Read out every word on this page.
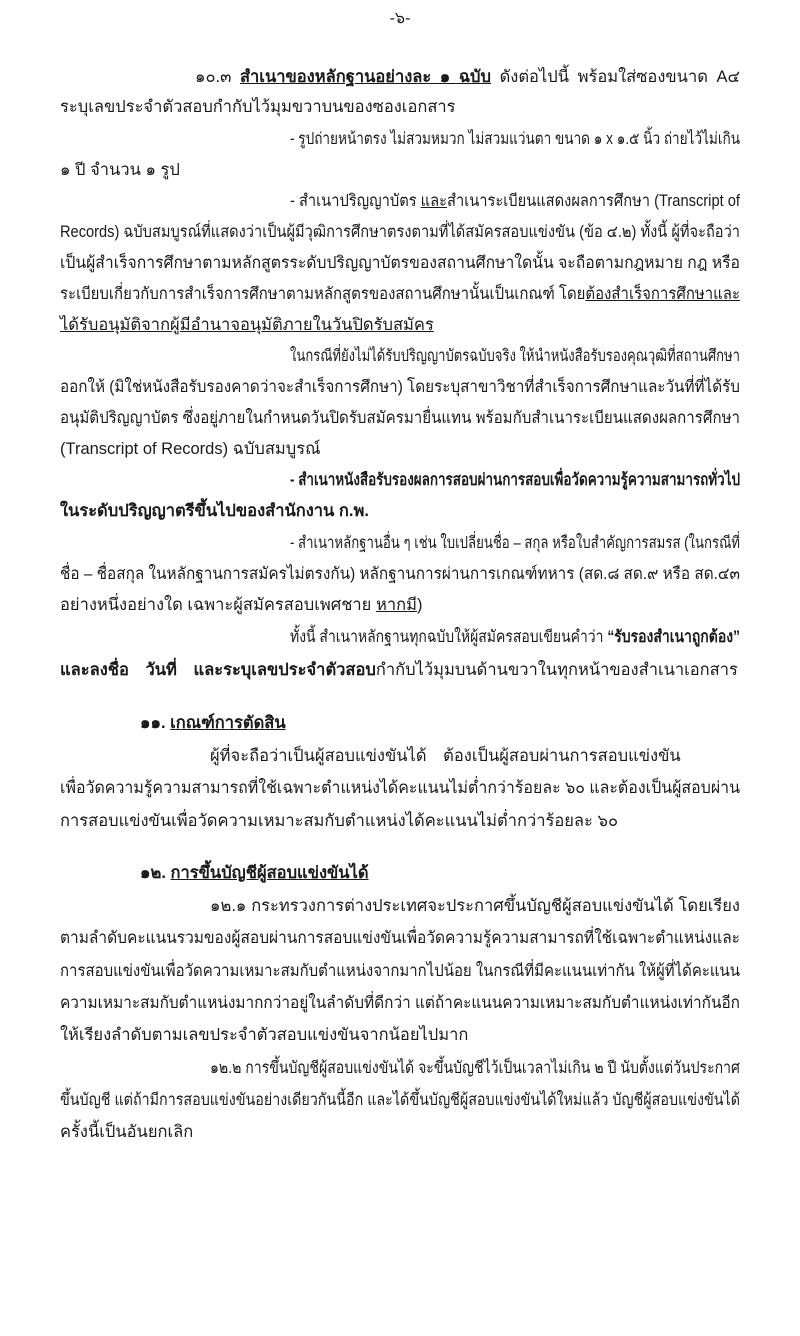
-๖-
๑๐.๓ สำเนาของหลักฐานอย่างละ ๑ ฉบับ ดังต่อไปนี้ พร้อมใส่ซองขนาด A๔
ระบุเลขประจำตัวสอบกำกับไว้มุมขวาบนของซองเอกสาร
- รูปถ่ายหน้าตรง ไม่สวมหมวก ไม่สวมแว่นตา ขนาด ๑ x ๑.๕ นิ้ว ถ่ายไว้ไม่เกิน
๑ ปี จำนวน ๑ รูป
- สำเนาปริญญาบัตร และสำเนาระเบียนแสดงผลการศึกษา (Transcript of
Records) ฉบับสมบูรณ์ที่แสดงว่าเป็นผู้มีวุฒิการศึกษาตรงตามที่ได้สมัครสอบแข่งขัน (ข้อ ๔.๒) ทั้งนี้ ผู้ที่จะถือว่า
เป็นผู้สำเร็จการศึกษาตามหลักสูตรระดับปริญญาบัตรของสถานศึกษาใดนั้น จะถือตามกฎหมาย กฎ หรือ
ระเบียบเกี่ยวกับการสำเร็จการศึกษาตามหลักสูตรของสถานศึกษานั้นเป็นเกณฑ์ โดยต้องสำเร็จการศึกษาและ
ได้รับอนุมัติจากผู้มีอำนาจอนุมัติภายในวันปิดรับสมัคร
ในกรณีที่ยังไม่ได้รับปริญญาบัตรฉบับจริง ให้นำหนังสือรับรองคุณวุฒิที่สถานศึกษา
ออกให้ (มิใช่หนังสือรับรองคาดว่าจะสำเร็จการศึกษา) โดยระบุสาขาวิชาที่สำเร็จการศึกษาและวันที่ที่ได้รับ
อนุมัติปริญญาบัตร ซึ่งอยู่ภายในกำหนดวันปิดรับสมัครมายื่นแทน พร้อมกับสำเนาระเบียนแสดงผลการศึกษา
(Transcript of Records) ฉบับสมบูรณ์
- สำเนาหนังสือรับรองผลการสอบผ่านการสอบเพื่อวัดความรู้ความสามารถทั่วไป
ในระดับปริญญาตรีขึ้นไปของสำนักงาน ก.พ.
- สำเนาหลักฐานอื่น ๆ เช่น ใบเปลี่ยนชื่อ – สกุล หรือใบสำคัญการสมรส (ในกรณีที่
ชื่อ – ชื่อสกุล ในหลักฐานการสมัครไม่ตรงกัน) หลักฐานการผ่านการเกณฑ์ทหาร (สด.๘ สด.๙ หรือ สด.๔๓
อย่างหนึ่งอย่างใด เฉพาะผู้สมัครสอบเพศชาย หากมี)
ทั้งนี้ สำเนาหลักฐานทุกฉบับให้ผู้สมัครสอบเขียนคำว่า “รับรองสำเนาถูกต้อง”
และลงชื่อ วันที่ และระบุเลขประจำตัวสอบกำกับไว้มุมบนด้านขวาในทุกหน้าของสำเนาเอกสาร
๑๑. เกณฑ์การตัดสิน
ผู้ที่จะถือว่าเป็นผู้สอบแข่งขันได้ ต้องเป็นผู้สอบผ่านการสอบแข่งขัน
เพื่อวัดความรู้ความสามารถที่ใช้เฉพาะตำแหน่งได้คะแนนไม่ต่ำกว่าร้อยละ ๖๐ และต้องเป็นผู้สอบผ่าน
การสอบแข่งขันเพื่อวัดความเหมาะสมกับตำแหน่งได้คะแนนไม่ต่ำกว่าร้อยละ ๖๐
๑๒. การขึ้นบัญชีผู้สอบแข่งขันได้
๑๒.๑ กระทรวงการต่างประเทศจะประกาศขึ้นบัญชีผู้สอบแข่งขันได้ โดยเรียง
ตามลำดับคะแนนรวมของผู้สอบผ่านการสอบแข่งขันเพื่อวัดความรู้ความสามารถที่ใช้เฉพาะตำแหน่งและ
การสอบแข่งขันเพื่อวัดความเหมาะสมกับตำแหน่งจากมากไปน้อย ในกรณีที่มีคะแนนเท่ากัน ให้ผู้ที่ได้คะแนน
ความเหมาะสมกับตำแหน่งมากกว่าอยู่ในลำดับที่ดีกว่า แต่ถ้าคะแนนความเหมาะสมกับตำแหน่งเท่ากันอีก
ให้เรียงลำดับตามเลขประจำตัวสอบแข่งขันจากน้อยไปมาก
๑๒.๒ การขึ้นบัญชีผู้สอบแข่งขันได้ จะขึ้นบัญชีไว้เป็นเวลาไม่เกิน ๒ ปี นับตั้งแต่วันประกาศ
ขึ้นบัญชี แต่ถ้ามีการสอบแข่งขันอย่างเดียวกันนี้อีก และได้ขึ้นบัญชีผู้สอบแข่งขันได้ใหม่แล้ว บัญชีผู้สอบแข่งขันได้
ครั้งนี้เป็นอันยกเลิก
